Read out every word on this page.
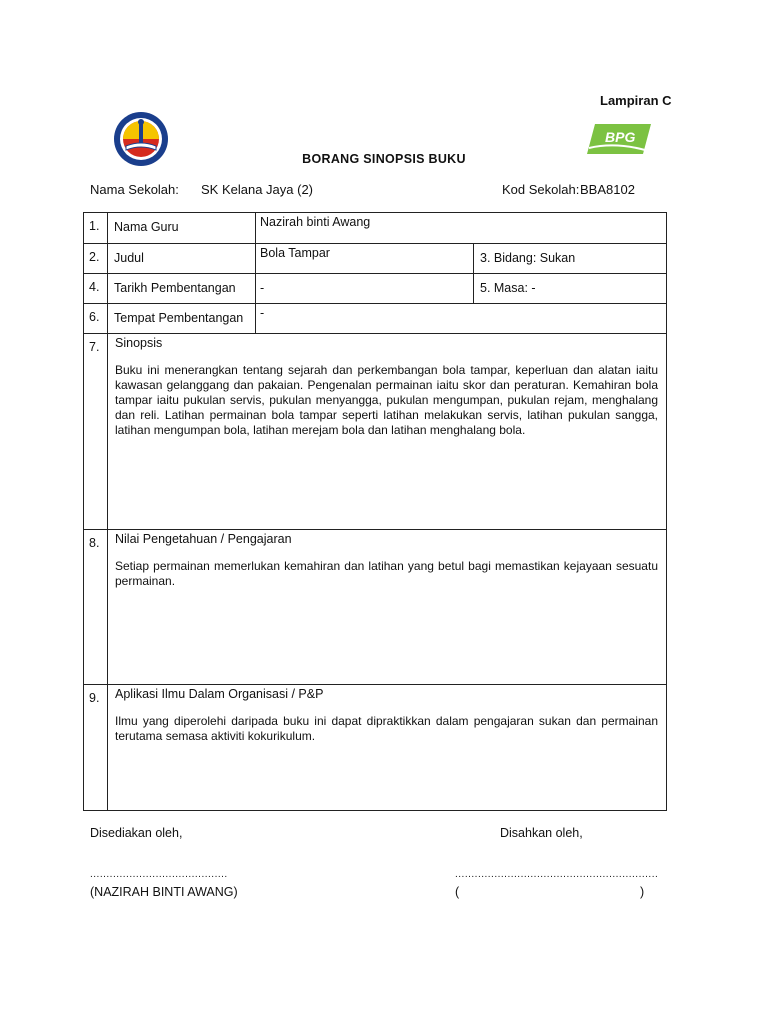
Lampiran C
BPG
BORANG SINOPSIS BUKU
Nama Sekolah: SK Kelana Jaya (2)	Kod Sekolah: BBA8102
1.	Nama Guru	Nazirah binti Awang
2.	Judul	Bola Tampar	3. Bidang: Sukan
4.	Tarikh Pembentangan	-	5. Masa: -
6.	Tempat Pembentangan	-
7.	Sinopsis
Buku ini menerangkan tentang sejarah dan perkembangan bola tampar, keperluan dan alatan iaitu kawasan gelanggang dan pakaian. Pengenalan permainan iaitu skor dan peraturan. Kemahiran bola tampar iaitu pukulan servis, pukulan menyangga, pukulan mengumpan, pukulan rejam, menghalang dan reli. Latihan permainan bola tampar seperti latihan melakukan servis, latihan pukulan sangga, latihan mengumpan bola, latihan merejam bola dan latihan menghalang bola.
8.	Nilai Pengetahuan / Pengajaran
Setiap permainan memerlukan kemahiran dan latihan yang betul bagi memastikan kejayaan sesuatu permainan.
9.	Aplikasi Ilmu Dalam Organisasi / P&P
Ilmu yang diperolehi daripada buku ini dapat dipraktikkan dalam pengajaran sukan dan permainan terutama semasa aktiviti kokurikulum.
Disediakan oleh,	Disahkan oleh,
..........................................	..............................................................
(NAZIRAH BINTI AWANG)	(	)
